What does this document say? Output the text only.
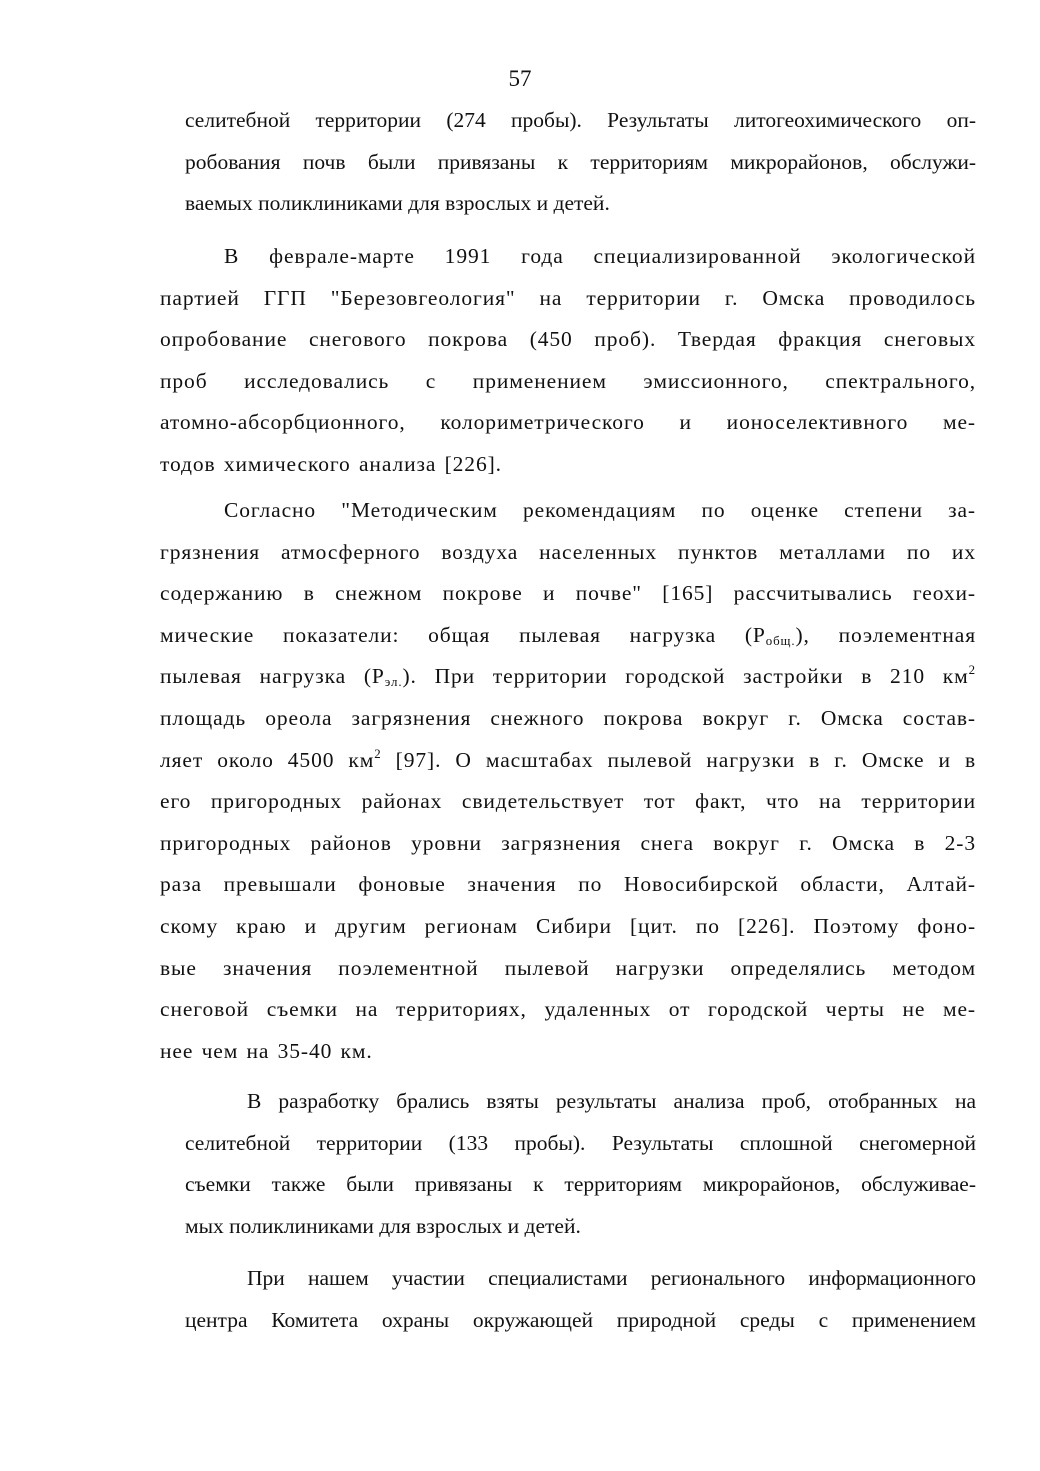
57
селитебной территории (274 пробы). Результаты литогеохимического оп-
робования почв были привязаны к территориям микрорайонов, обслужи-
ваемых поликлиниками для взрослых и детей.
В феврале-марте 1991 года специализированной экологической
партией ГГП "Березовгеология" на территории г. Омска проводилось
опробование снегового покрова (450 проб). Твердая фракция снеговых
проб исследовались с применением эмиссионного, спектрального,
атомно-абсорбционного, колориметрического и ионоселективного ме-
тодов химического анализа [226].
Согласно "Методическим рекомендациям по оценке степени за-
грязнения атмосферного воздуха населенных пунктов металлами по их
содержанию в снежном покрове и почве" [165] рассчитывались геохи-
мические показатели: общая пылевая нагрузка $(Р_{общ.})$, поэлементная
пылевая нагрузка $(Р_{эл.})$. При территории городской застройки в 210 $км^2$
площадь ореола загрязнения снежного покрова вокруг г. Омска состав-
ляет около 4500 $км^2$ [97]. О масштабах пылевой нагрузки в г. Омске и в
его пригородных районах свидетельствует тот факт, что на территории
пригородных районов уровни загрязнения снега вокруг г. Омска в 2-3
раза превышали фоновые значения по Новосибирской области, Алтай-
скому краю и другим регионам Сибири [цит. по [226]. Поэтому фоно-
вые значения поэлементной пылевой нагрузки определялись методом
снеговой съемки на территориях, удаленных от городской черты не ме-
нее чем на 35-40 км.
В разработку брались взяты результаты анализа проб, отобранных на
селитебной территории (133 пробы). Результаты сплошной снегомерной
съемки также были привязаны к территориям микрорайонов, обслуживае-
мых поликлиниками для взрослых и детей.
При нашем участии специалистами регионального информационного
центра Комитета охраны окружающей природной среды с применением
